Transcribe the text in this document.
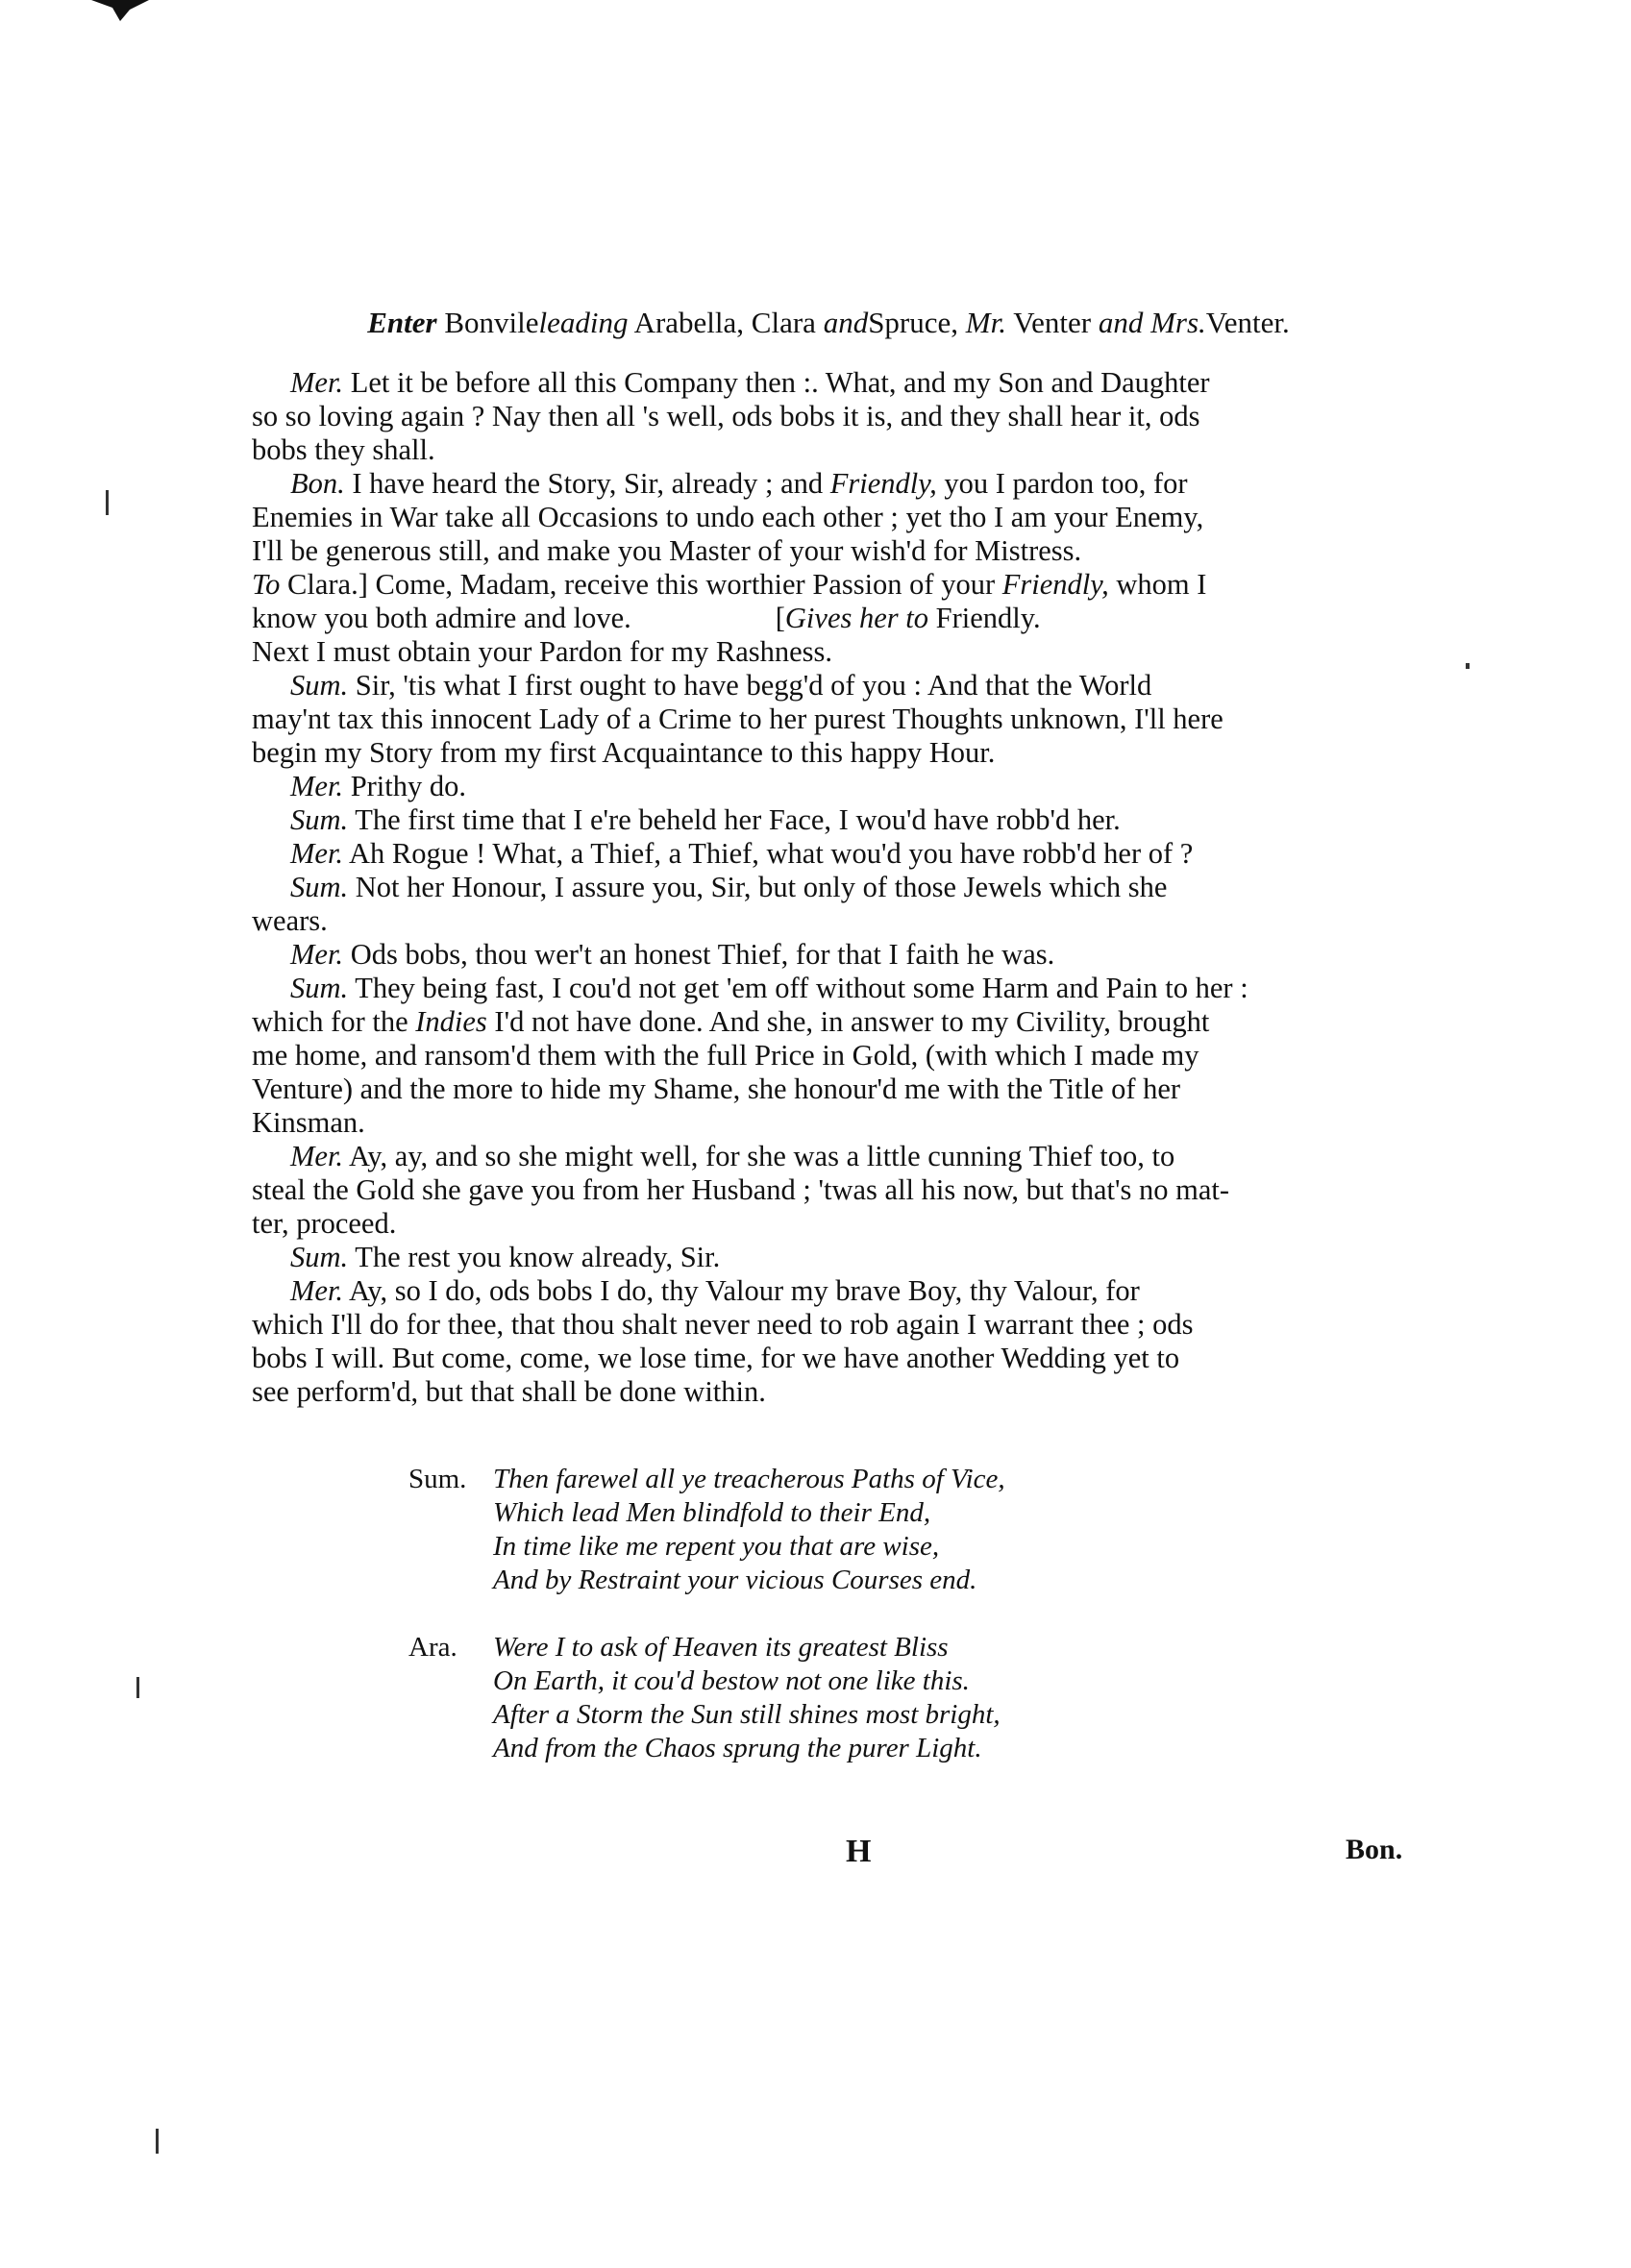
Enter Bonvileleading Arabella, Clara andSpruce, Mr. Venter and Mrs.Venter.

Mer. Let it be before all this Company then :. What, and my Son and Daughter

so so loving again ? Nay then all 's well, ods bobs it is, and they shall hear it, ods

bobs they shall.

Bon. I have heard the Story, Sir, already ; and Friendly, you I pardon too, for

Enemies in War take all Occasions to undo each other ; yet tho I am your Enemy,

I'll be generous still, and make you Master of your wish'd for Mistress.

To Clara.] Come, Madam, receive this worthier Passion of your Friendly, whom I

know you both admire and love.	[Gives her to Friendly.

Next I must obtain your Pardon for my Rashness.

Sum. Sir, 'tis what I first ought to have begg'd of you : And that the World

may'nt tax this innocent Lady of a Crime to her purest Thoughts unknown, I'll here

begin my Story from my first Acquaintance to this happy Hour.

Mer. Prithy do.

Sum. The first time that I e're beheld her Face, I wou'd have robb'd her.

Mer. Ah Rogue ! What, a Thief, a Thief, what wou'd you have robb'd her of ?

Sum. Not her Honour, I assure you, Sir, but only of those Jewels which she

wears.

Mer. Ods bobs, thou wer't an honest Thief, for that I faith he was.

Sum. They being fast, I cou'd not get 'em off without some Harm and Pain to her :

which for the Indies I'd not have done. And she, in answer to my Civility, brought

me home, and ransom'd them with the full Price in Gold, (with which I made my

Venture) and the more to hide my Shame, she honour'd me with the Title of her

Kinsman.

Mer. Ay, ay, and so she might well, for she was a little cunning Thief too, to

steal the Gold she gave you from her Husband ; 'twas all his now, but that's no mat-

ter, proceed.

Sum. The rest you know already, Sir.

Mer. Ay, so I do, ods bobs I do, thy Valour my brave Boy, thy Valour, for

which I'll do for thee, that thou shalt never need to rob again I warrant thee ; ods

bobs I will. But come, come, we lose time, for we have another Wedding yet to

see perform'd, but that shall be done within.

Sum. Then farewel all ye treacherous Paths of Vice,
Which lead Men blindfold to their End,
In time like me repent you that are wise,
And by Restraint your vicious Courses end.
Ara. Were I to ask of Heaven its greatest Bliss
On Earth, it cou'd bestow not one like this.
After a Storm the Sun still shines most bright,
And from the Chaos sprung the purer Light.
H	Bon.
